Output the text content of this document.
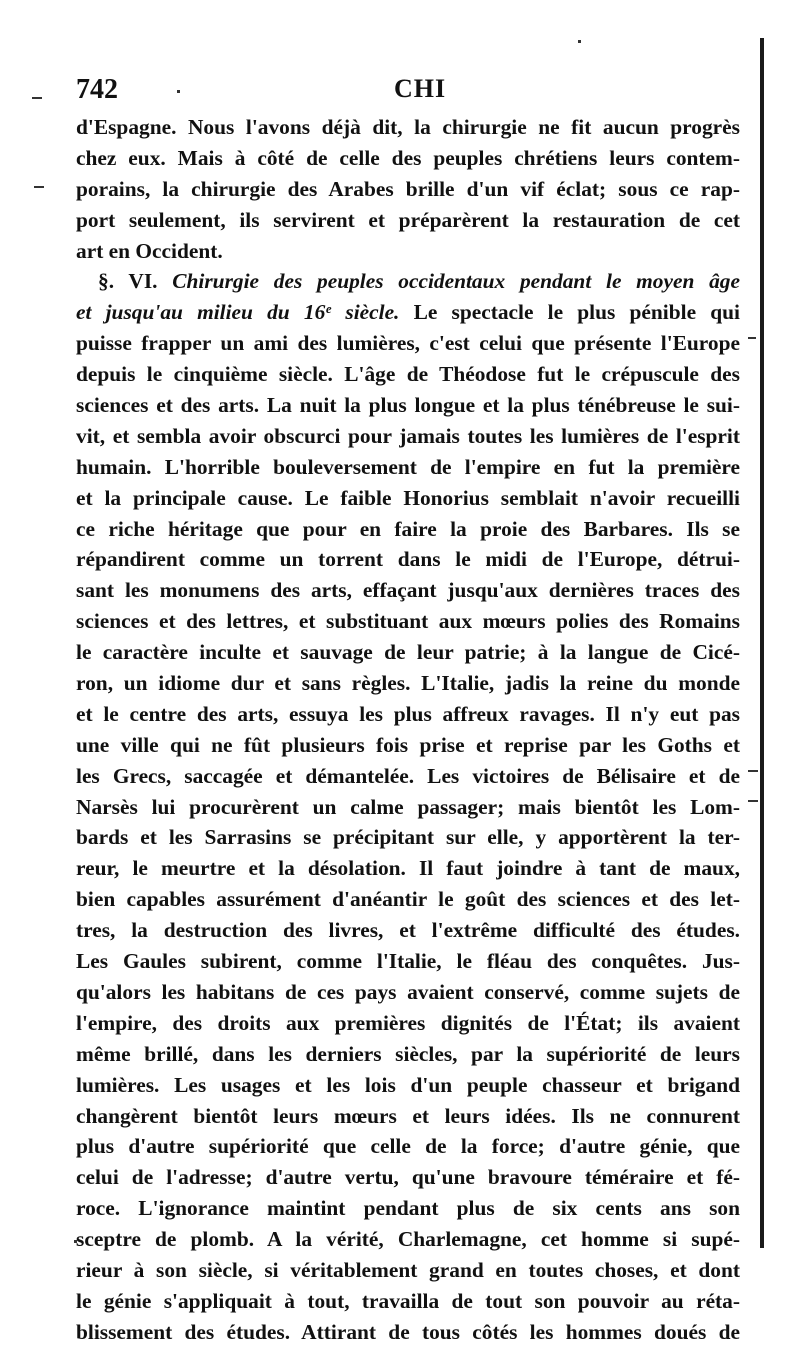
742	CHI
d'Espagne. Nous l'avons déjà dit, la chirurgie ne fit aucun progrès
chez eux. Mais à côté de celle des peuples chrétiens leurs contem-
porains, la chirurgie des Arabes brille d'un vif éclat; sous ce rap-
port seulement, ils servirent et préparèrent la restauration de cet
art en Occident.
§. VI. Chirurgie des peuples occidentaux pendant le moyen âge
et jusqu'au milieu du 16ᵉ siècle. Le spectacle le plus pénible qui
puisse frapper un ami des lumières, c'est celui que présente l'Europe
depuis le cinquième siècle. L'âge de Théodose fut le crépuscule des
sciences et des arts. La nuit la plus longue et la plus ténébreuse le sui-
vit, et sembla avoir obscurci pour jamais toutes les lumières de l'esprit
humain. L'horrible bouleversement de l'empire en fut la première
et la principale cause. Le faible Honorius semblait n'avoir recueilli
ce riche héritage que pour en faire la proie des Barbares. Ils se
répandirent comme un torrent dans le midi de l'Europe, détrui-
sant les monumens des arts, effaçant jusqu'aux dernières traces des
sciences et des lettres, et substituant aux mœurs polies des Romains
le caractère inculte et sauvage de leur patrie; à la langue de Cicé-
ron, un idiome dur et sans règles. L'Italie, jadis la reine du monde
et le centre des arts, essuya les plus affreux ravages. Il n'y eut pas
une ville qui ne fût plusieurs fois prise et reprise par les Goths et
les Grecs, saccagée et démantelée. Les victoires de Bélisaire et de
Narsès lui procurèrent un calme passager; mais bientôt les Lom-
bards et les Sarrasins se précipitant sur elle, y apportèrent la ter-
reur, le meurtre et la désolation. Il faut joindre à tant de maux,
bien capables assurément d'anéantir le goût des sciences et des let-
tres, la destruction des livres, et l'extrême difficulté des études.
Les Gaules subirent, comme l'Italie, le fléau des conquêtes. Jus-
qu'alors les habitans de ces pays avaient conservé, comme sujets de
l'empire, des droits aux premières dignités de l'État; ils avaient
même brillé, dans les derniers siècles, par la supériorité de leurs
lumières. Les usages et les lois d'un peuple chasseur et brigand
changèrent bientôt leurs mœurs et leurs idées. Ils ne connurent
plus d'autre supériorité que celle de la force; d'autre génie, que
celui de l'adresse; d'autre vertu, qu'une bravoure téméraire et fé-
roce. L'ignorance maintint pendant plus de six cents ans son
sceptre de plomb. A la vérité, Charlemagne, cet homme si supé-
rieur à son siècle, si véritablement grand en toutes choses, et dont
le génie s'appliquait à tout, travailla de tout son pouvoir au réta-
blissement des études. Attirant de tous côtés les hommes doués de
